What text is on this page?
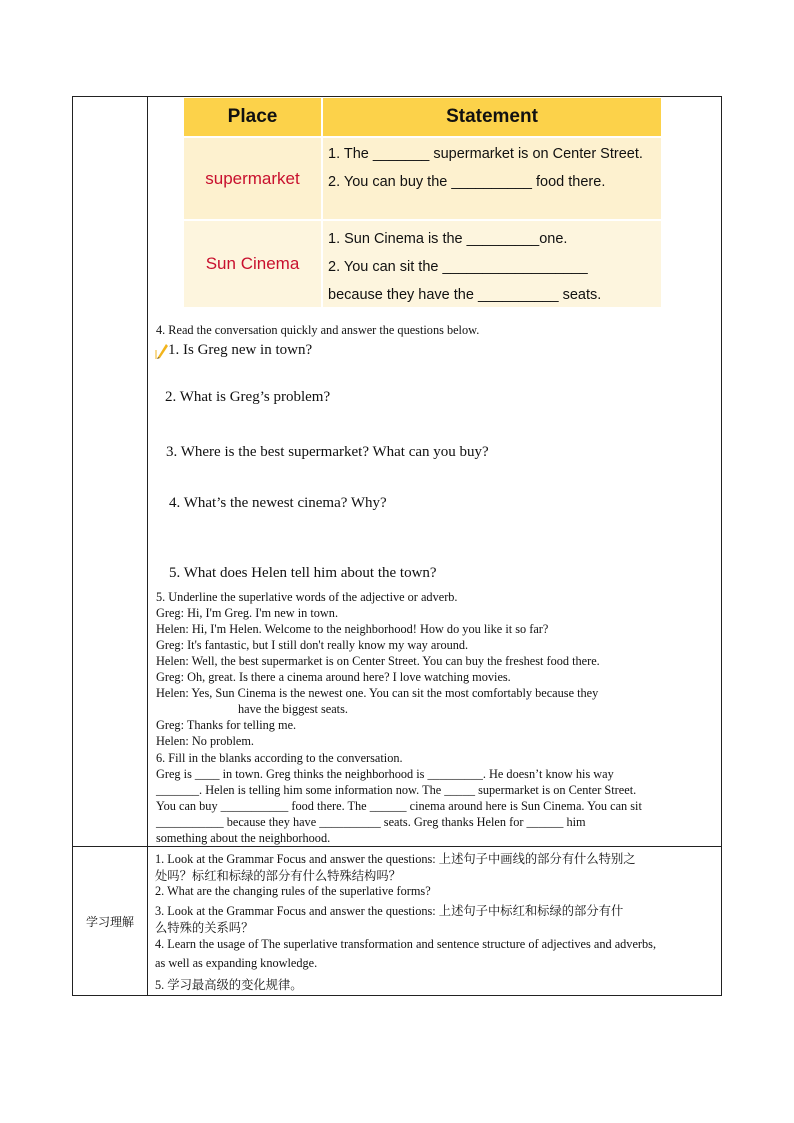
学习理解
Place	Statement
supermarket
1. The _______ supermarket is on Center Street.
2. You can buy the __________ food there.
Sun Cinema
1. Sun Cinema is the _________one.
2. You can sit the __________________
because they have the __________ seats.
4. Read the conversation quickly and answer the questions below.
1. Is Greg new in town?
2. What is Greg’s problem?
3. Where is the best supermarket? What can you buy?
4. What’s the newest cinema? Why?
5. What does Helen tell him about the town?
5. Underline the superlative words of the adjective or adverb.
Greg: Hi, I'm Greg. I'm new in town.
Helen: Hi, I'm Helen. Welcome to the neighborhood! How do you like it so far?
Greg: It's fantastic, but I still don't really know my way around.
Helen: Well, the best supermarket is on Center Street. You can buy the freshest food there.
Greg: Oh, great. Is there a cinema around here? I love watching movies.
Helen: Yes, Sun Cinema is the newest one. You can sit the most comfortably because they
have the biggest seats.
Greg: Thanks for telling me.
Helen: No problem.
6. Fill in the blanks according to the conversation.
Greg is ____ in town. Greg thinks the neighborhood is _________. He doesn’t know his way
_______. Helen is telling him some information now. The _____ supermarket is on Center Street.
You can buy ___________ food there. The ______ cinema around here is Sun Cinema. You can sit
___________ because they have __________ seats. Greg thanks Helen for ______ him
something about the neighborhood.
1. Look at the Grammar Focus and answer the questions: 上述句子中画线的部分有什么特别之
处吗？标红和标绿的部分有什么特殊结构吗？
2. What are the changing rules of the superlative forms?
3. Look at the Grammar Focus and answer the questions: 上述句子中标红和标绿的部分有什
么特殊的关系吗？
4. Learn the usage of The superlative transformation and sentence structure of adjectives and adverbs,
as well as expanding knowledge.
5. 学习最高级的变化规律。
